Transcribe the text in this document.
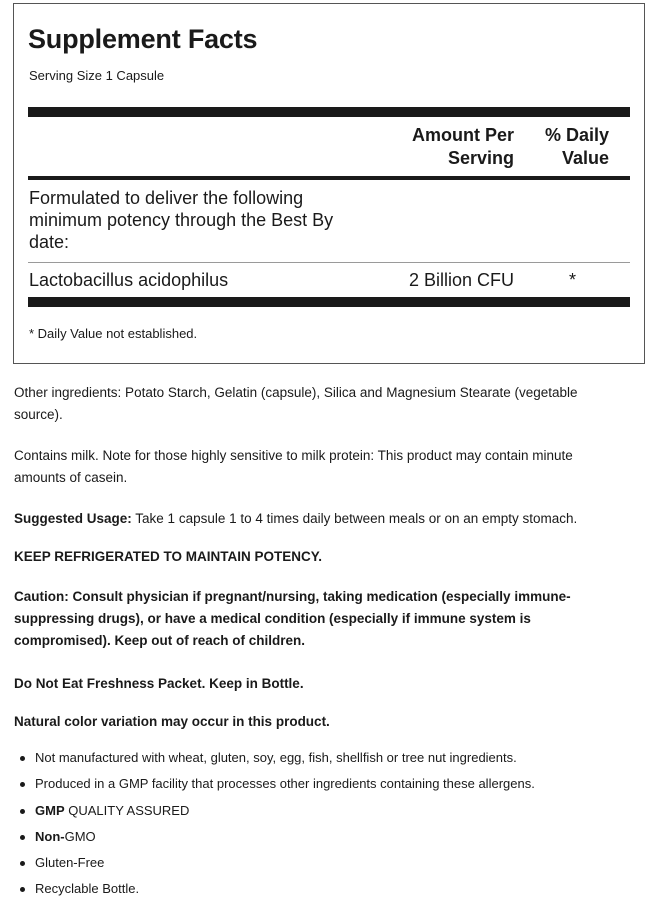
Supplement Facts
Serving Size 1 Capsule
Amount Per
Serving
% Daily
Value
Formulated to deliver the following
minimum potency through the Best By
date:
Lactobacillus acidophilus	2 Billion CFU	*
* Daily Value not established.
Other ingredients: Potato Starch, Gelatin (capsule), Silica and Magnesium Stearate (vegetable
source).
Contains milk. Note for those highly sensitive to milk protein: This product may contain minute
amounts of casein.
Suggested Usage: Take 1 capsule 1 to 4 times daily between meals or on an empty stomach.
KEEP REFRIGERATED TO MAINTAIN POTENCY.
Caution: Consult physician if pregnant/nursing, taking medication (especially immune-
suppressing drugs), or have a medical condition (especially if immune system is
compromised). Keep out of reach of children.
Do Not Eat Freshness Packet. Keep in Bottle.
Natural color variation may occur in this product.
Not manufactured with wheat, gluten, soy, egg, fish, shellfish or tree nut ingredients.
Produced in a GMP facility that processes other ingredients containing these allergens.
GMP QUALITY ASSURED
Non-GMO
Gluten-Free
Recyclable Bottle.
